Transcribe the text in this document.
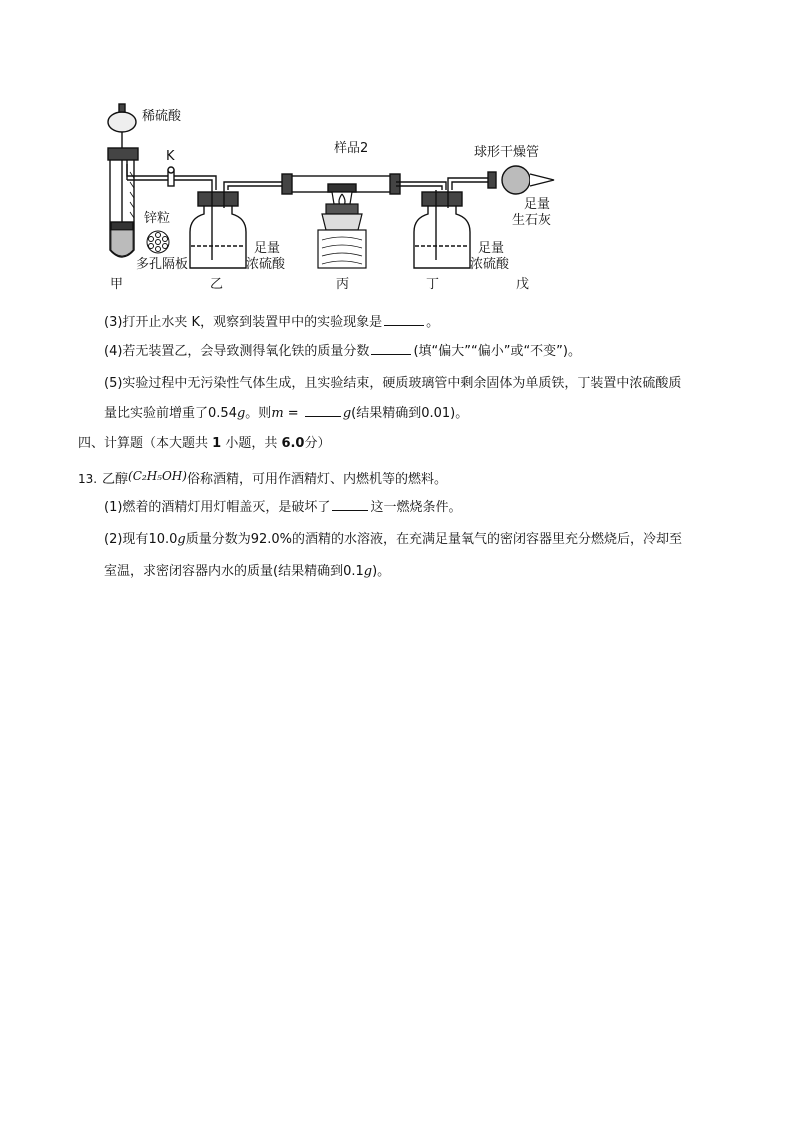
稀硫酸
K
锌粒
多孔隔板
样品2	球形干燥管
足量
生石灰
足量
浓硫酸
足量
浓硫酸
甲	乙	丙	丁	戊
(3)打开止水夹 K，观察到装置甲中的实验现象是	。
(4)若无装置乙，会导致测得氧化铁的质量分数	(填“偏大”“偏小”或“不变”)。
(5)实验过程中无污染性气体生成，且实验结束，硬质玻璃管中剩余固体为单质铁，丁装置中浓硫酸质
量比实验前增重了0.54g。则m =	g(结果精确到0.01)。
四、计算题（本大题共 1 小题，共 6.0分）
13. 乙醇(C₂H₅OH)俗称酒精，可用作酒精灯、内燃机等的燃料。
(1)燃着的酒精灯用灯帽盖灭，是破坏了	这一燃烧条件。
(2)现有10.0g质量分数为92.0%的酒精的水溶液，在充满足量氧气的密闭容器里充分燃烧后，冷却至
室温，求密闭容器内水的质量(结果精确到0.1g)。
